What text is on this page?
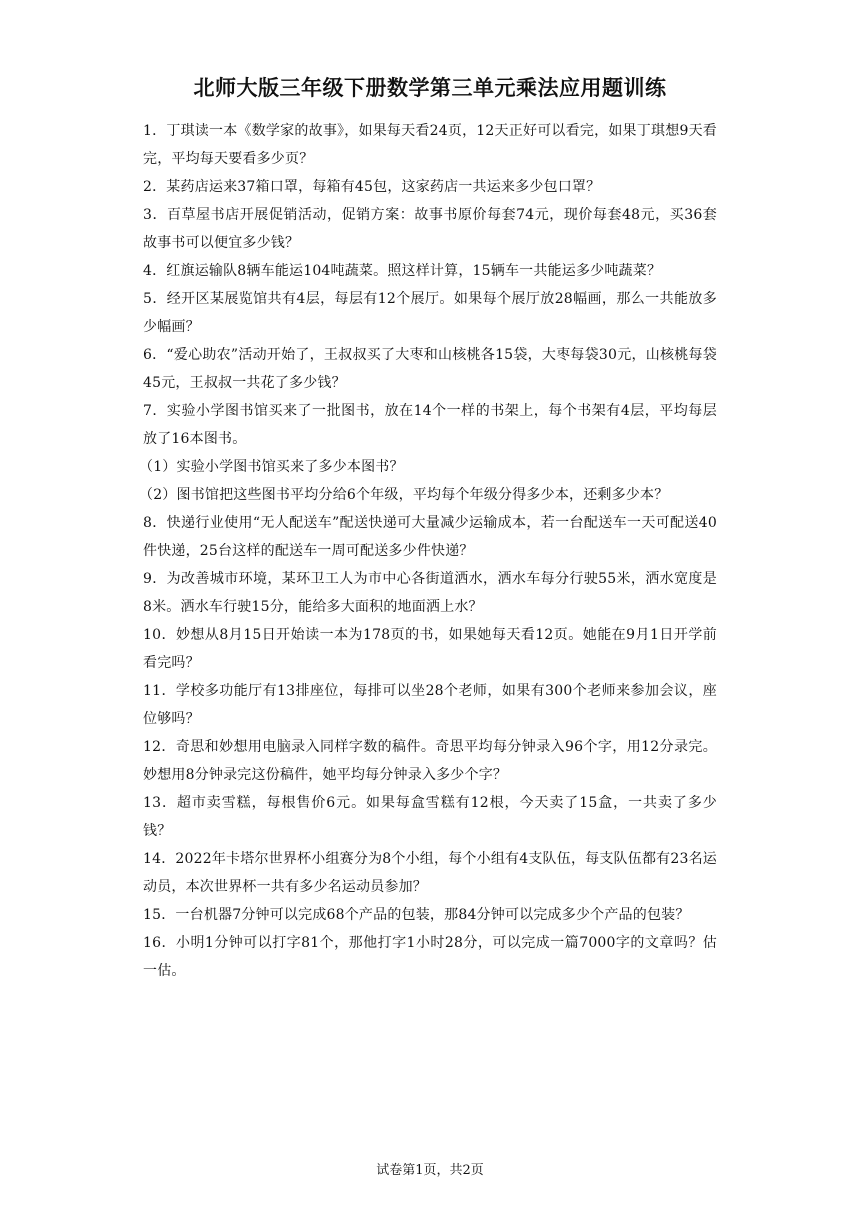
北师大版三年级下册数学第三单元乘法应用题训练
1．丁琪读一本《数学家的故事》，如果每天看24页，12天正好可以看完，如果丁琪想9天看完，平均每天要看多少页？
2．某药店运来37箱口罩，每箱有45包，这家药店一共运来多少包口罩？
3．百草屋书店开展促销活动，促销方案：故事书原价每套74元，现价每套48元，买36套故事书可以便宜多少钱？
4．红旗运输队8辆车能运104吨蔬菜。照这样计算，15辆车一共能运多少吨蔬菜？
5．经开区某展览馆共有4层，每层有12个展厅。如果每个展厅放28幅画，那么一共能放多少幅画？
6．“爱心助农”活动开始了，王叔叔买了大枣和山核桃各15袋，大枣每袋30元，山核桃每袋45元，王叔叔一共花了多少钱？
7．实验小学图书馆买来了一批图书，放在14个一样的书架上，每个书架有4层，平均每层放了16本图书。
（1）实验小学图书馆买来了多少本图书？
（2）图书馆把这些图书平均分给6个年级，平均每个年级分得多少本，还剩多少本？
8．快递行业使用“无人配送车”配送快递可大量减少运输成本，若一台配送车一天可配送40件快递，25台这样的配送车一周可配送多少件快递？
9．为改善城市环境，某环卫工人为市中心各街道洒水，洒水车每分行驶55米，洒水宽度是8米。洒水车行驶15分，能给多大面积的地面洒上水？
10．妙想从8月15日开始读一本为178页的书，如果她每天看12页。她能在9月1日开学前看完吗？
11．学校多功能厅有13排座位，每排可以坐28个老师，如果有300个老师来参加会议，座位够吗？
12．奇思和妙想用电脑录入同样字数的稿件。奇思平均每分钟录入96个字，用12分录完。妙想用8分钟录完这份稿件，她平均每分钟录入多少个字？
13．超市卖雪糕，每根售价6元。如果每盒雪糕有12根，今天卖了15盒，一共卖了多少钱？
14．2022年卡塔尔世界杯小组赛分为8个小组，每个小组有4支队伍，每支队伍都有23名运动员，本次世界杯一共有多少名运动员参加？
15．一台机器7分钟可以完成68个产品的包装，那84分钟可以完成多少个产品的包装？
16．小明1分钟可以打字81个，那他打字1小时28分，可以完成一篇7000字的文章吗？估一估。
试卷第1页，共2页
